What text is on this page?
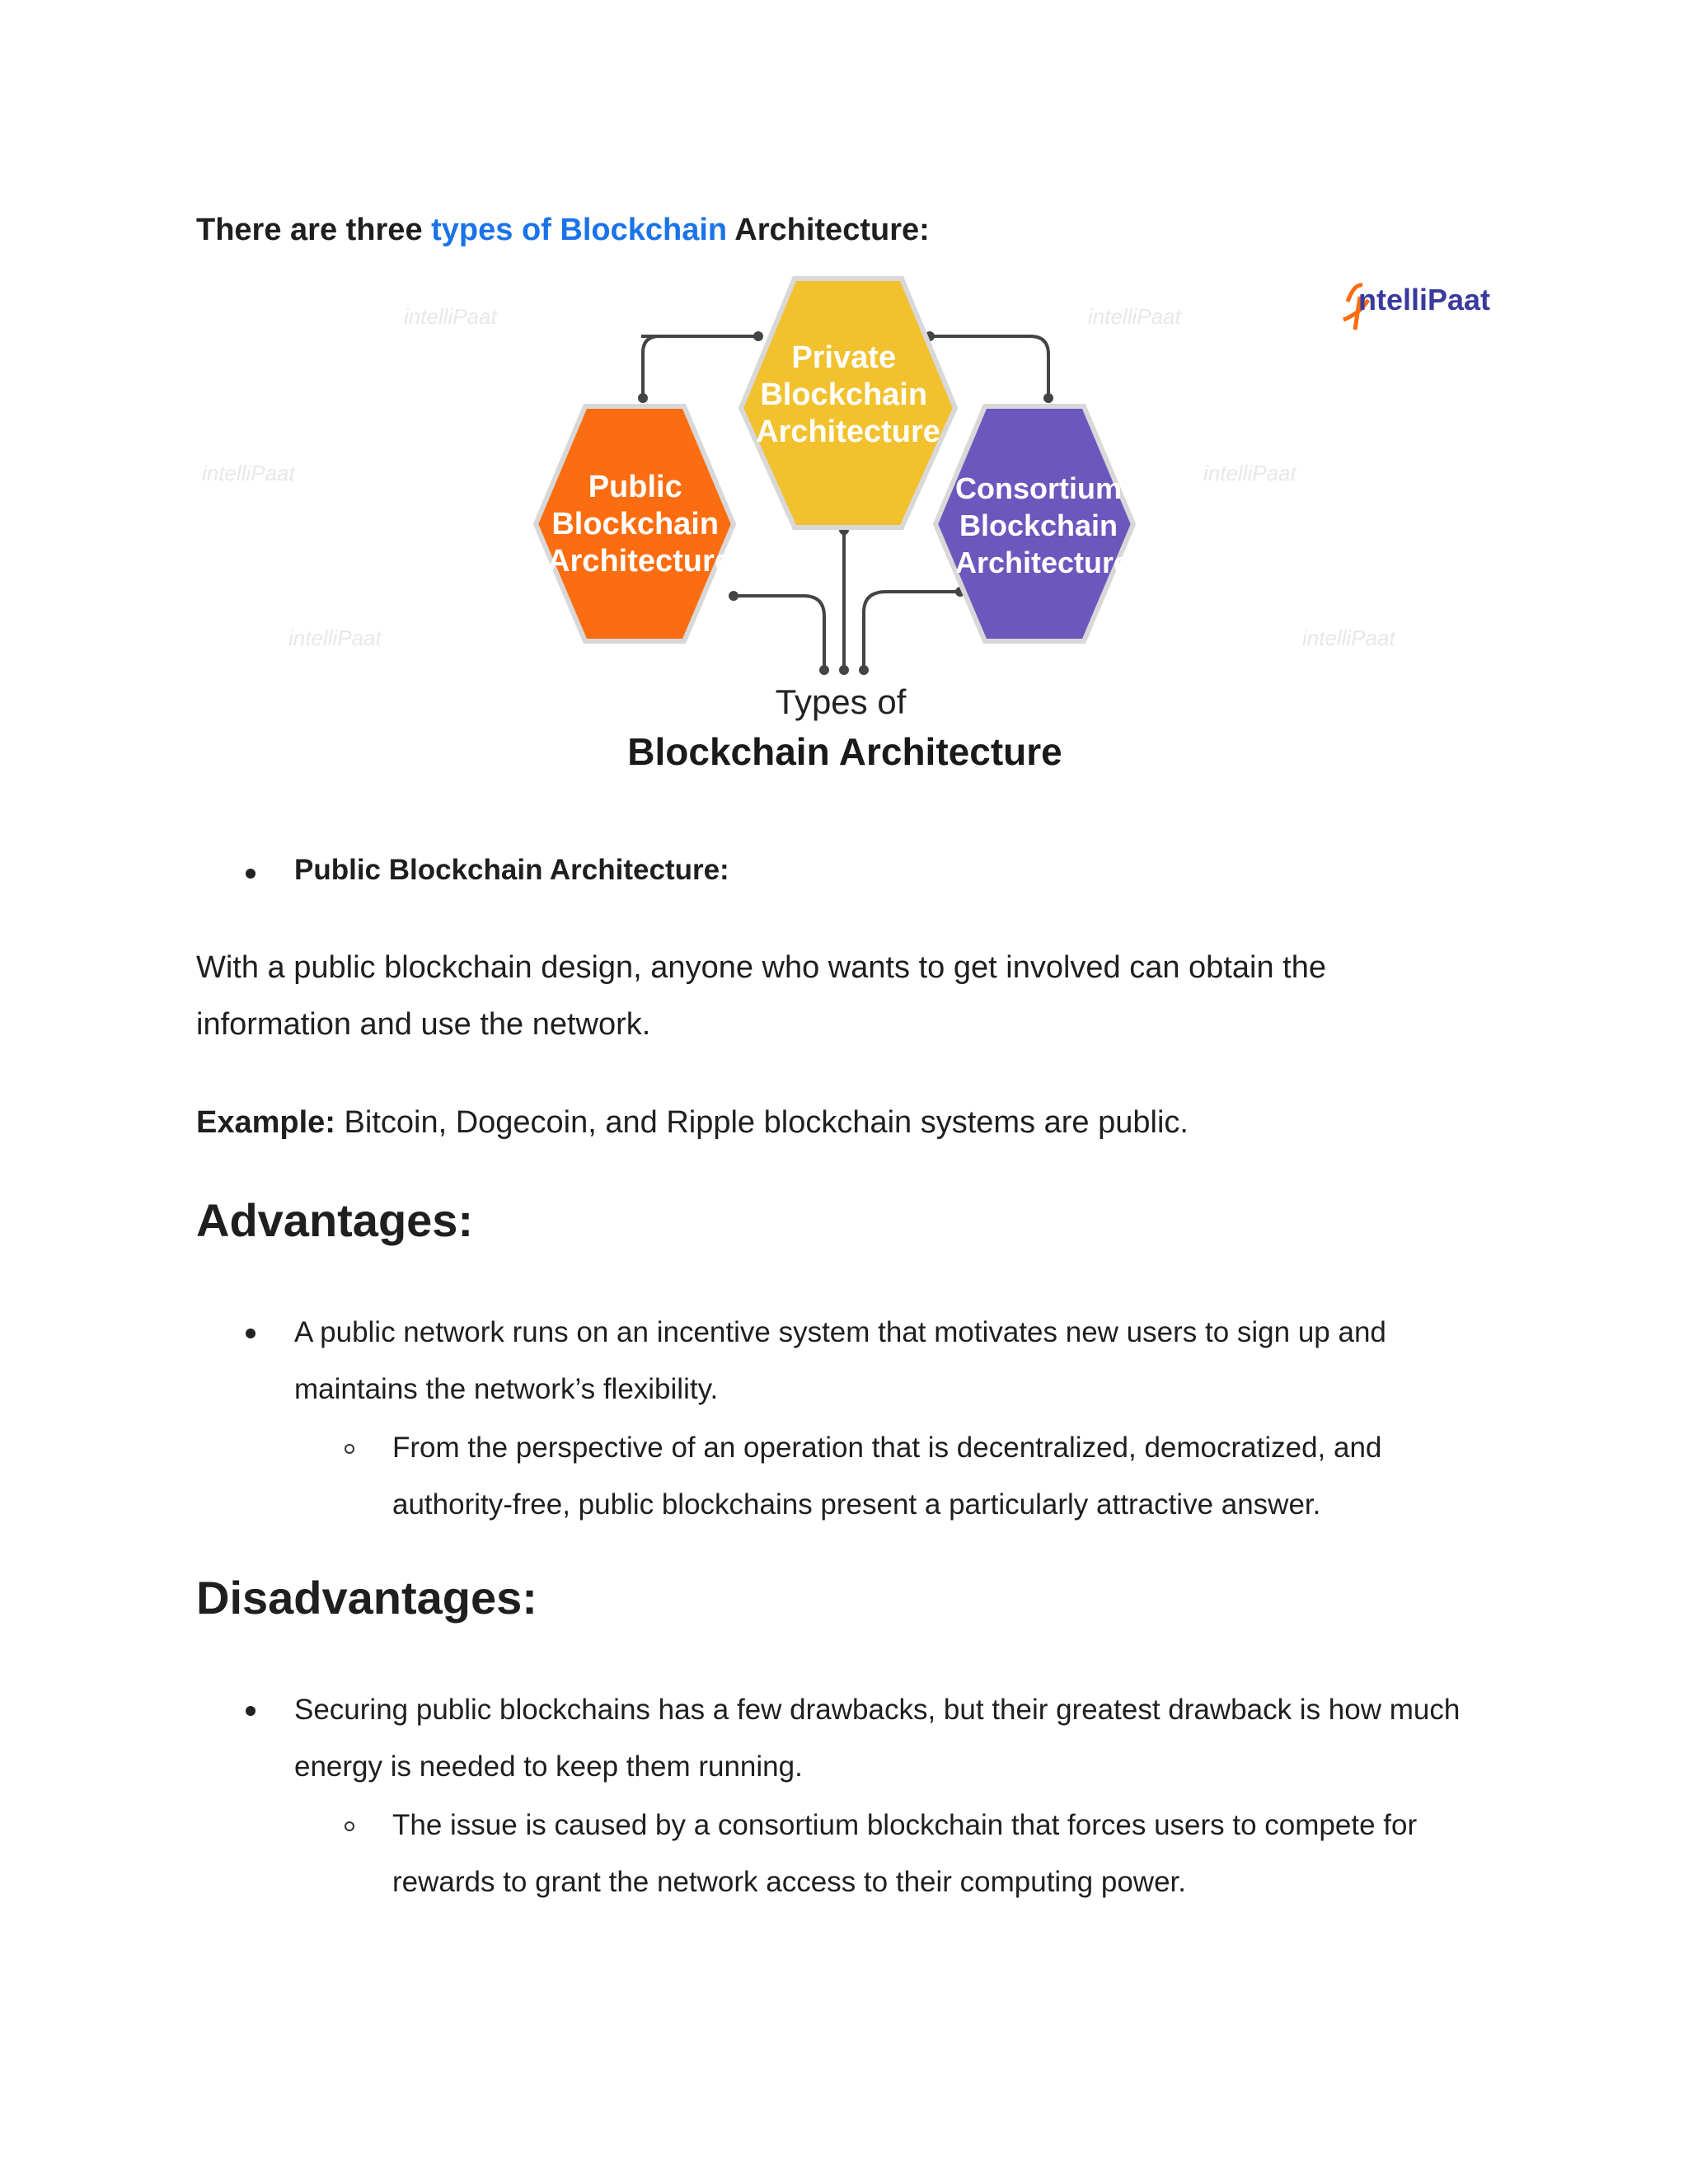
There are three types of Blockchain Architecture:
intelliPaat	intelliPaat
intelliPaat	intelliPaat
intelliPaat	intelliPaat
Private Blockchain Architecture
Public Blockchain Architecture
Consortium Blockchain Architecture
Types of
Blockchain Architecture
ntelliPaat
Public Blockchain Architecture:
With a public blockchain design, anyone who wants to get involved can obtain the information and use the network.
Example: Bitcoin, Dogecoin, and Ripple blockchain systems are public.
Advantages:
A public network runs on an incentive system that motivates new users to sign up and maintains the network’s flexibility.
From the perspective of an operation that is decentralized, democratized, and authority-free, public blockchains present a particularly attractive answer.
Disadvantages:
Securing public blockchains has a few drawbacks, but their greatest drawback is how much energy is needed to keep them running.
The issue is caused by a consortium blockchain that forces users to compete for rewards to grant the network access to their computing power.
